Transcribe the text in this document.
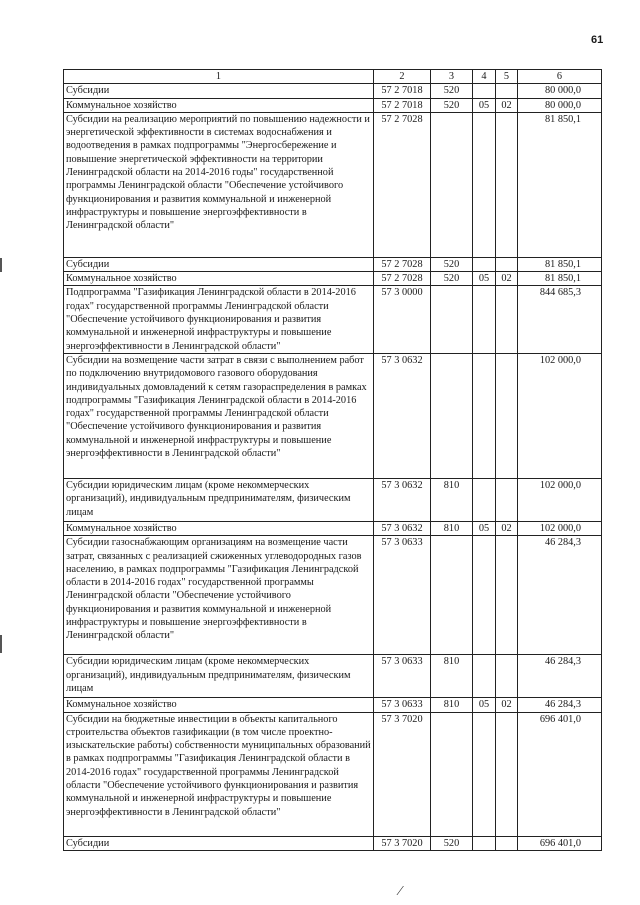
61
1	2	3	4	5	6
Субсидии	57 2 7018	520			80 000,0
Коммунальное хозяйство	57 2 7018	520	05	02	80 000,0
Субсидии на реализацию мероприятий по повышению надежности и энергетической эффективности в системах водоснабжения и водоотведения в рамках подпрограммы "Энергосбережение и повышение энергетической эффективности на территории Ленинградской области на 2014-2016 годы" государственной программы Ленинградской области "Обеспечение устойчивого функционирования и развития коммунальной и инженерной инфраструктуры и повышение энергоэффективности в Ленинградской области"	57 2 7028				81 850,1
Субсидии	57 2 7028	520			81 850,1
Коммунальное хозяйство	57 2 7028	520	05	02	81 850,1
Подпрограмма "Газификация Ленинградской области в 2014-2016 годах" государственной программы Ленинградской области "Обеспечение устойчивого функционирования и развития коммунальной и инженерной инфраструктуры и повышение энергоэффективности в Ленинградской области"	57 3 0000				844 685,3
Субсидии на возмещение части затрат в связи с выполнением работ по подключению внутридомового газового оборудования индивидуальных домовладений к сетям газораспределения в рамках подпрограммы "Газификация Ленинградской области в 2014-2016 годах" государственной программы Ленинградской области "Обеспечение устойчивого функционирования и развития коммунальной и инженерной инфраструктуры и повышение энергоэффективности в Ленинградской области"	57 3 0632				102 000,0
Субсидии юридическим лицам (кроме некоммерческих организаций), индивидуальным предпринимателям, физическим лицам	57 3 0632	810			102 000,0
Коммунальное хозяйство	57 3 0632	810	05	02	102 000,0
Субсидии газоснабжающим организациям на возмещение части затрат, связанных с реализацией сжиженных углеводородных газов населению, в рамках подпрограммы "Газификация Ленинградской области в 2014-2016 годах" государственной программы Ленинградской области "Обеспечение устойчивого функционирования и развития коммунальной и инженерной инфраструктуры и повышение энергоэффективности в Ленинградской области"	57 3 0633				46 284,3
Субсидии юридическим лицам (кроме некоммерческих организаций), индивидуальным предпринимателям, физическим лицам	57 3 0633	810			46 284,3
Коммунальное хозяйство	57 3 0633	810	05	02	46 284,3
Субсидии на бюджетные инвестиции в объекты капитального строительства объектов газификации (в том числе проектно-изыскательские работы) собственности муниципальных образований в рамках подпрограммы "Газификация Ленинградской области в 2014-2016 годах" государственной программы Ленинградской области "Обеспечение устойчивого функционирования и развития коммунальной и инженерной инфраструктуры и повышение энергоэффективности в Ленинградской области"	57 3 7020				696 401,0
Субсидии	57 3 7020	520			696 401,0
⁄
